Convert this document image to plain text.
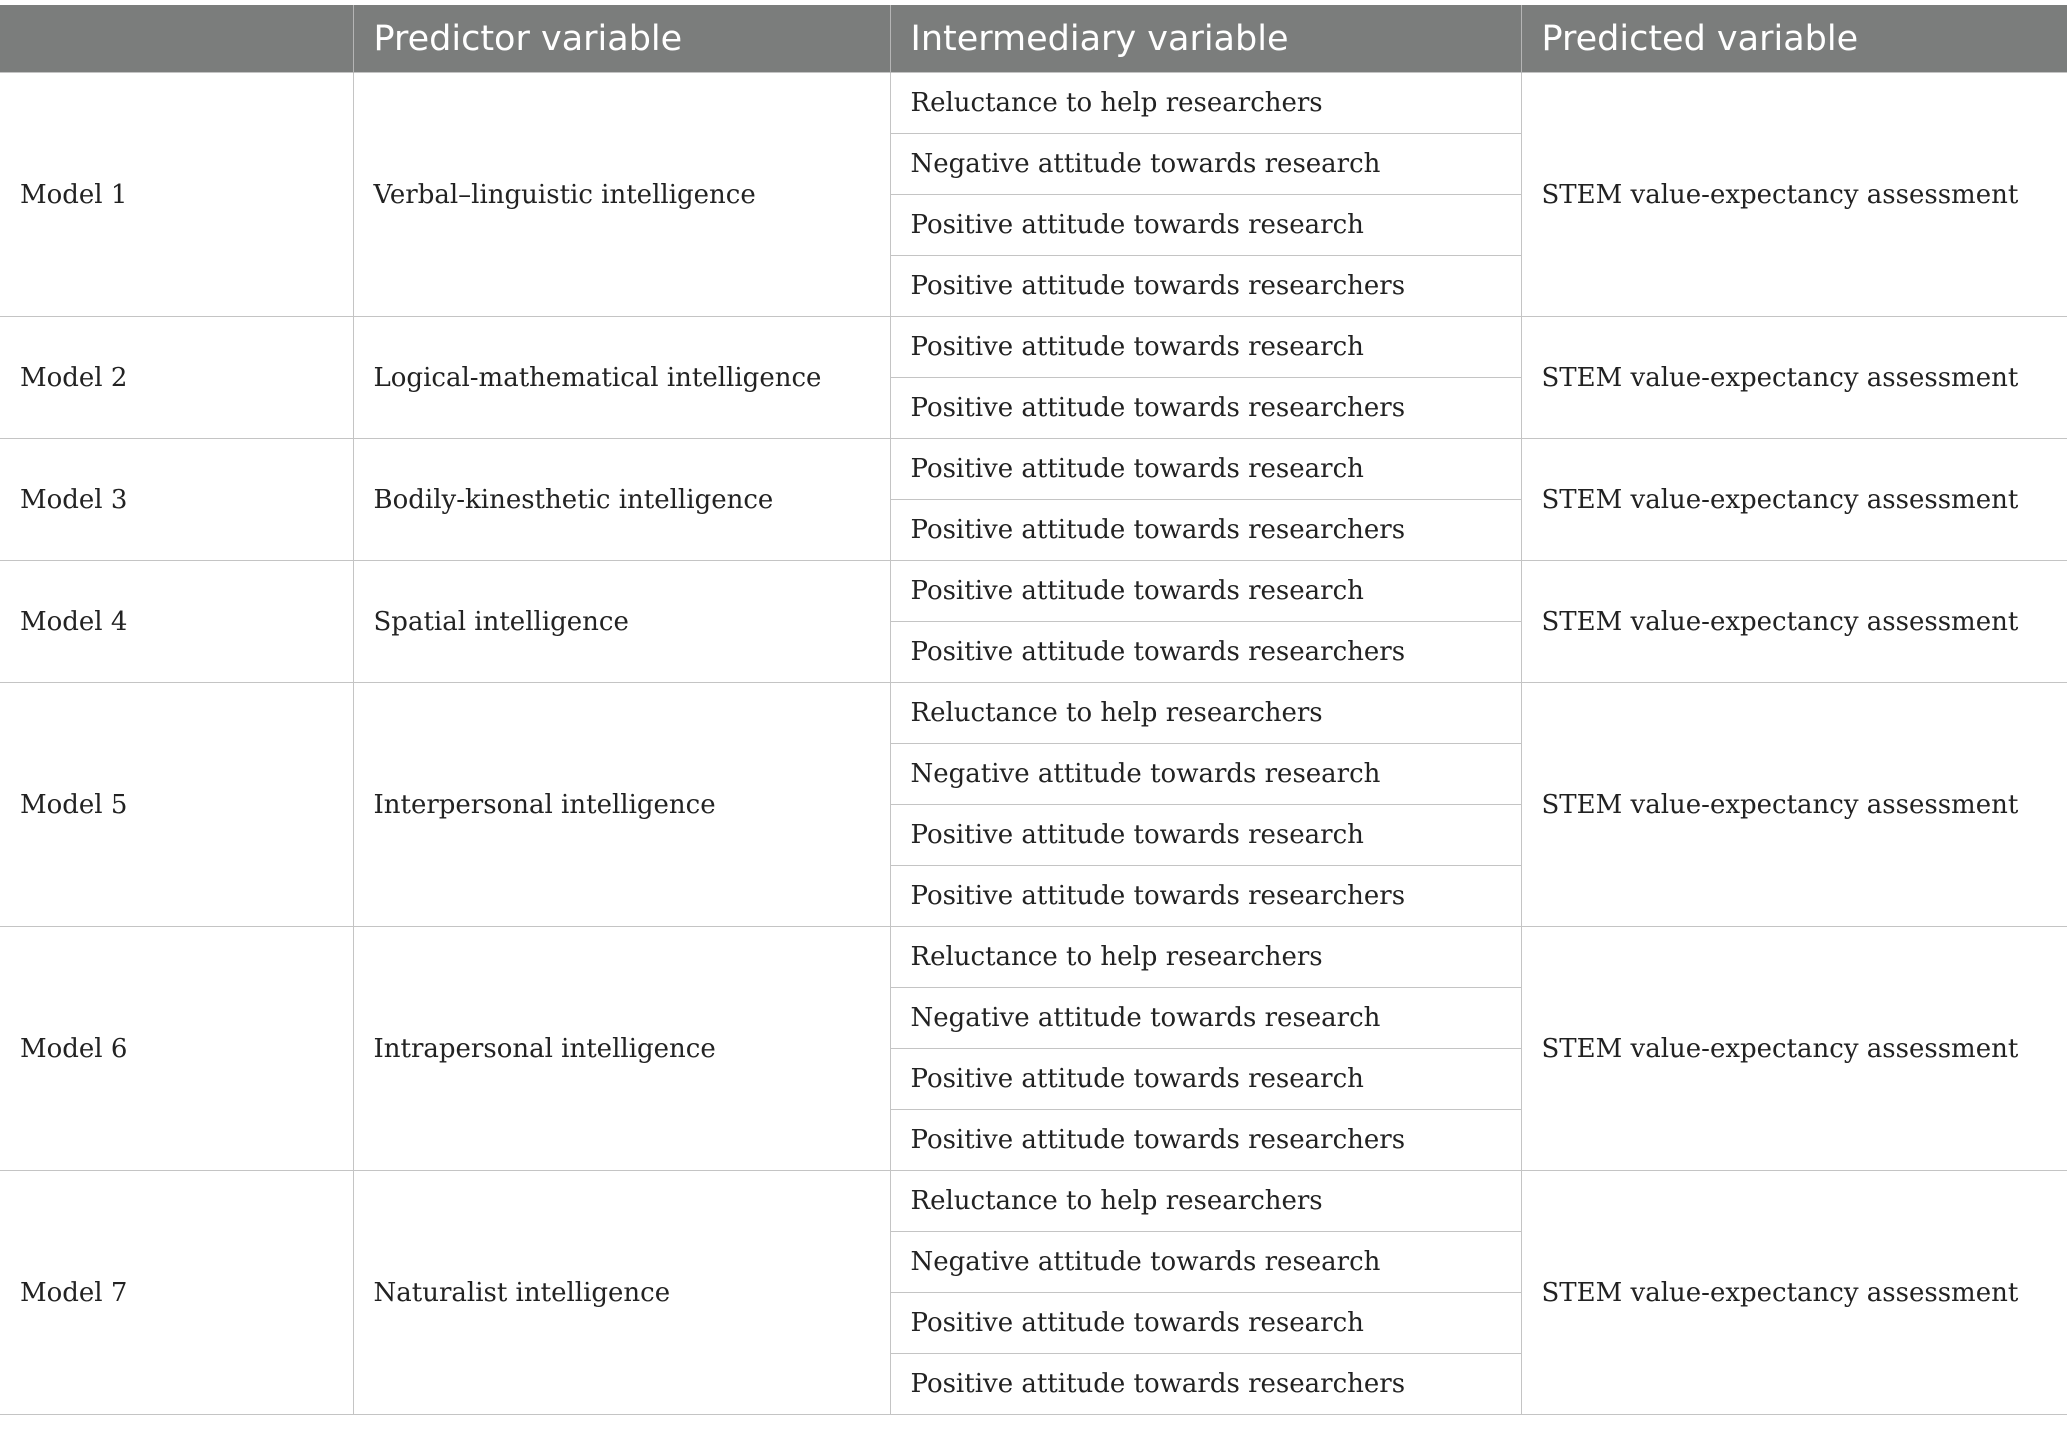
	Predictor variable	Intermediary variable	Predicted variable
Model 1	Verbal–linguistic intelligence	Reluctance to help researchers	STEM value-expectancy assessment
		Negative attitude towards research	
		Positive attitude towards research	
		Positive attitude towards researchers	
Model 2	Logical-mathematical intelligence	Positive attitude towards research	STEM value-expectancy assessment
		Positive attitude towards researchers	
Model 3	Bodily-kinesthetic intelligence	Positive attitude towards research	STEM value-expectancy assessment
		Positive attitude towards researchers	
Model 4	Spatial intelligence	Positive attitude towards research	STEM value-expectancy assessment
		Positive attitude towards researchers	
Model 5	Interpersonal intelligence	Reluctance to help researchers	STEM value-expectancy assessment
		Negative attitude towards research	
		Positive attitude towards research	
		Positive attitude towards researchers	
Model 6	Intrapersonal intelligence	Reluctance to help researchers	STEM value-expectancy assessment
		Negative attitude towards research	
		Positive attitude towards research	
		Positive attitude towards researchers	
Model 7	Naturalist intelligence	Reluctance to help researchers	STEM value-expectancy assessment
		Negative attitude towards research	
		Positive attitude towards research	
		Positive attitude towards researchers	
